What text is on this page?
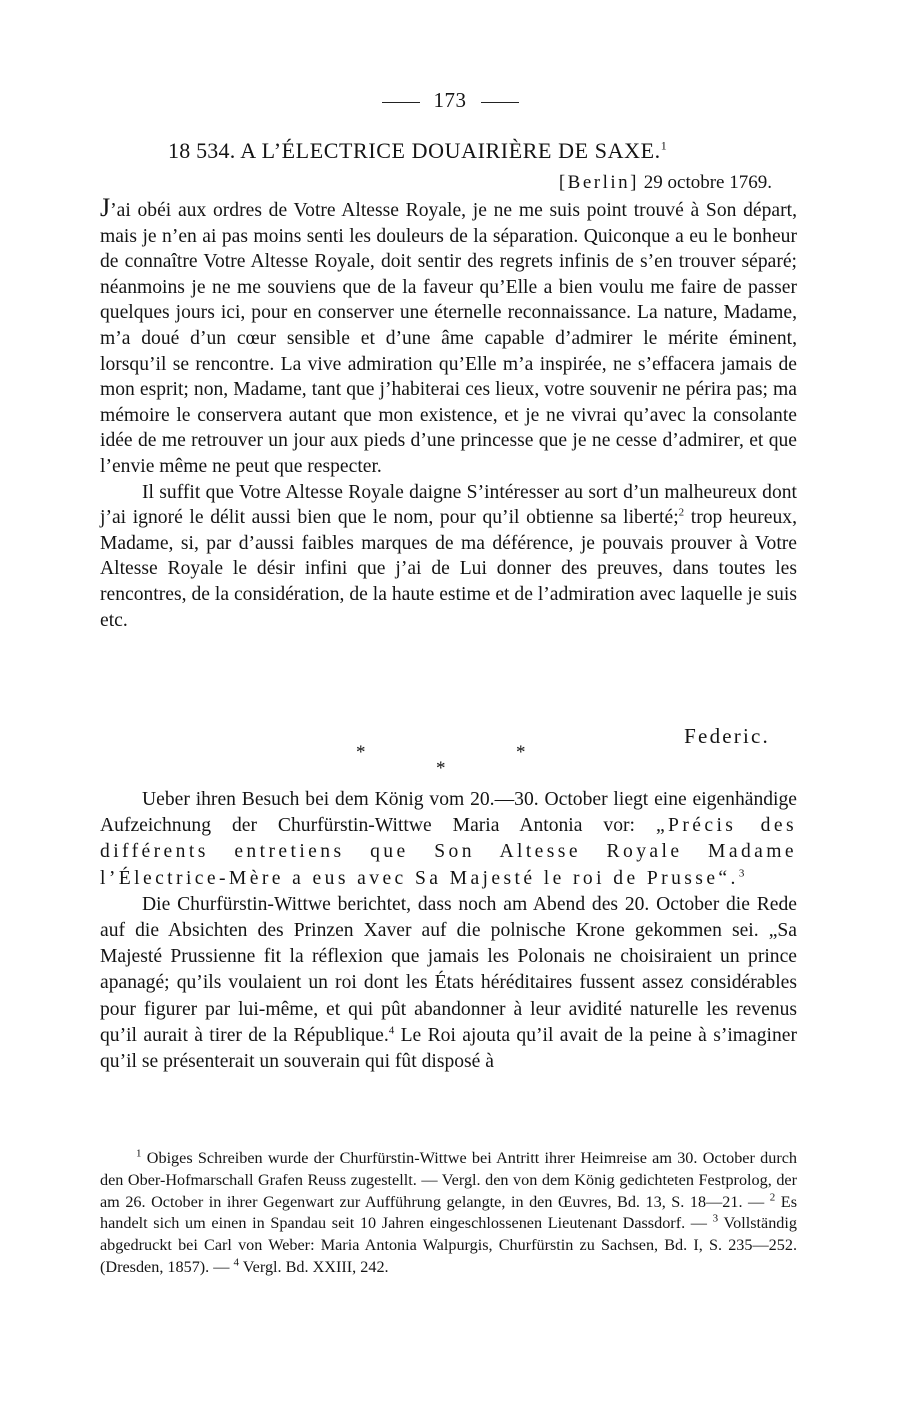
173
18 534. A L’ÉLECTRICE DOUAIRIÈRE DE SAXE.$^1$
[Berlin] 29 octobre 1769.

J’ai obéi aux ordres de Votre Altesse Royale, je ne me suis point trouvé à Son départ, mais je n’en ai pas moins senti les douleurs de la séparation. Quiconque a eu le bonheur de connaître Votre Altesse Royale, doit sentir des regrets infinis de s’en trouver séparé; néanmoins je ne me souviens que de la faveur qu’Elle a bien voulu me faire de passer quelques jours ici, pour en conserver une éternelle reconnaissance. La nature, Madame, m’a doué d’un cœur sensible et d’une âme capable d’admirer le mérite éminent, lorsqu’il se rencontre. La vive admiration qu’Elle m’a inspirée, ne s’effacera jamais de mon esprit; non, Madame, tant que j’habiterai ces lieux, votre souvenir ne périra pas; ma mémoire le conservera autant que mon existence, et je ne vivrai qu’avec la consolante idée de me retrouver un jour aux pieds d’une princesse que je ne cesse d’admirer, et que l’envie même ne peut que respecter.

Il suffit que Votre Altesse Royale daigne S’intéresser au sort d’un malheureux dont j’ai ignoré le délit aussi bien que le nom, pour qu’il obtienne sa liberté;$^2$ trop heureux, Madame, si, par d’aussi faibles marques de ma déférence, je pouvais prouver à Votre Altesse Royale le désir infini que j’ai de Lui donner des preuves, dans toutes les rencontres, de la considération, de la haute estime et de l’admiration avec laquelle je suis etc.

Federic.
*	*
*

Ueber ihren Besuch bei dem König vom 20.—30. October liegt eine eigenhändige Aufzeichnung der Churfürstin-Wittwe Maria Antonia vor: „Précis des différents entretiens que Son Altesse Royale Madame l’Électrice-Mère a eus avec Sa Majesté le roi de Prusse“.$^3$

Die Churfürstin-Wittwe berichtet, dass noch am Abend des 20. October die Rede auf die Absichten des Prinzen Xaver auf die polnische Krone gekommen sei. „Sa Majesté Prussienne fit la réflexion que jamais les Polonais ne choisiraient un prince apanagé; qu’ils voulaient un roi dont les États héréditaires fussent assez considérables pour figurer par lui-même, et qui pût abandonner à leur avidité naturelle les revenus qu’il aurait à tirer de la République.$^4$ Le Roi ajouta qu’il avait de la peine à s’imaginer qu’il se présenterait un souverain qui fût disposé à

$^1$ Obiges Schreiben wurde der Churfürstin-Wittwe bei Antritt ihrer Heimreise am 30. October durch den Ober-Hofmarschall Grafen Reuss zugestellt. — Vergl. den von dem König gedichteten Festprolog, der am 26. October in ihrer Gegenwart zur Aufführung gelangte, in den Œuvres, Bd. 13, S. 18—21. — $^2$ Es handelt sich um einen in Spandau seit 10 Jahren eingeschlossenen Lieutenant Dassdorf. — $^3$ Vollständig abgedruckt bei Carl von Weber: Maria Antonia Walpurgis, Churfürstin zu Sachsen, Bd. I, S. 235—252. (Dresden, 1857). — $^4$ Vergl. Bd. XXIII, 242.
